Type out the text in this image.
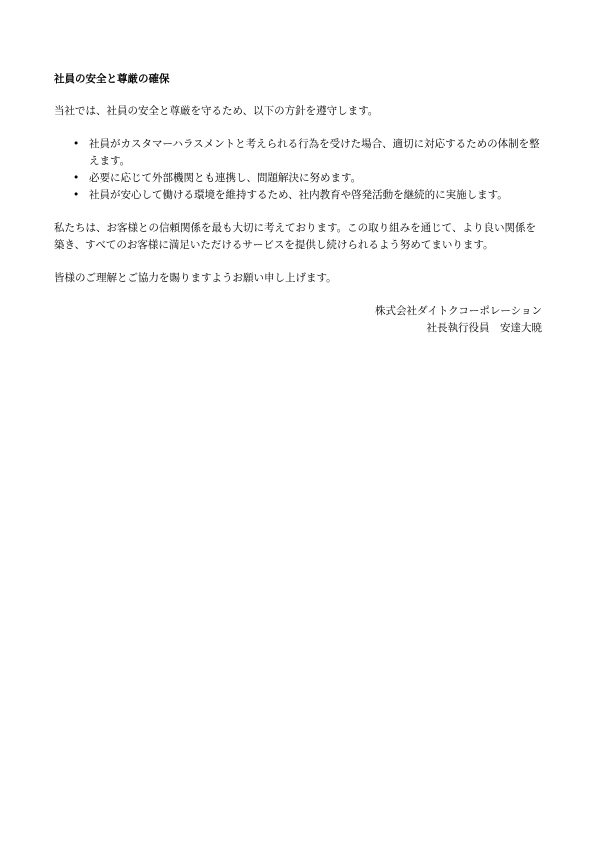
社員の安全と尊厳の確保
当社では、社員の安全と尊厳を守るため、以下の方針を遵守します。
• 社員がカスタマーハラスメントと考えられる行為を受けた場合、適切に対応するための体制を整えます。
• 必要に応じて外部機関とも連携し、問題解決に努めます。
• 社員が安心して働ける環境を維持するため、社内教育や啓発活動を継続的に実施します。
私たちは、お客様との信頼関係を最も大切に考えております。この取り組みを通じて、より良い関係を築き、すべてのお客様に満足いただけるサービスを提供し続けられるよう努めてまいります。
皆様のご理解とご協力を賜りますようお願い申し上げます。
株式会社ダイトクコーポレーション
社長執行役員　安達大暁
